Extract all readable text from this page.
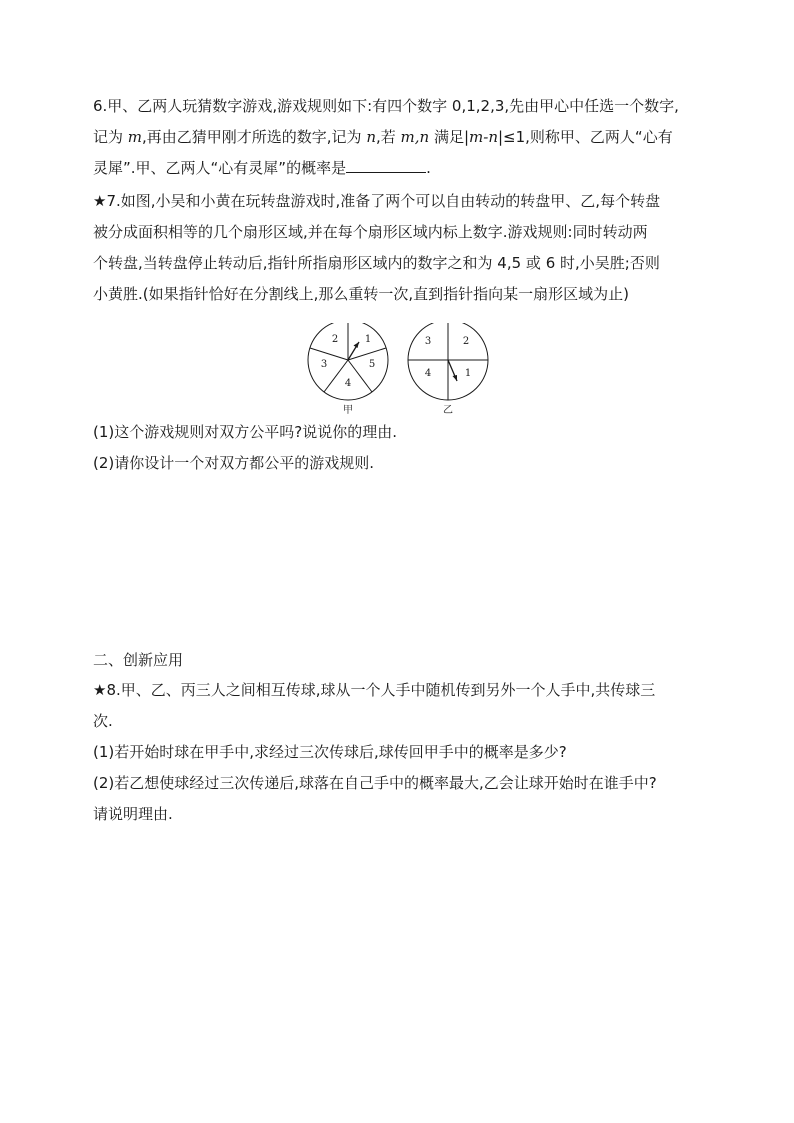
6.甲、乙两人玩猜数字游戏,游戏规则如下:有四个数字 0,1,2,3,先由甲心中任选一个数字,
记为 m,再由乙猜甲刚才所选的数字,记为 n,若 m,n 满足|m-n|≤1,则称甲、乙两人“心有
灵犀”.甲、乙两人“心有灵犀”的概率是	.
★7.如图,小吴和小黄在玩转盘游戏时,准备了两个可以自由转动的转盘甲、乙,每个转盘
被分成面积相等的几个扇形区域,并在每个扇形区域内标上数字.游戏规则:同时转动两
个转盘,当转盘停止转动后,指针所指扇形区域内的数字之和为 4,5 或 6 时,小吴胜;否则
小黄胜.(如果指针恰好在分割线上,那么重转一次,直到指针指向某一扇形区域为止)
1
2
3
4
5
甲
1
2
3
4
乙
(1)这个游戏规则对双方公平吗?说说你的理由.
(2)请你设计一个对双方都公平的游戏规则.
二、创新应用
★8.甲、乙、丙三人之间相互传球,球从一个人手中随机传到另外一个人手中,共传球三
次.
(1)若开始时球在甲手中,求经过三次传球后,球传回甲手中的概率是多少?
(2)若乙想使球经过三次传递后,球落在自己手中的概率最大,乙会让球开始时在谁手中?
请说明理由.
